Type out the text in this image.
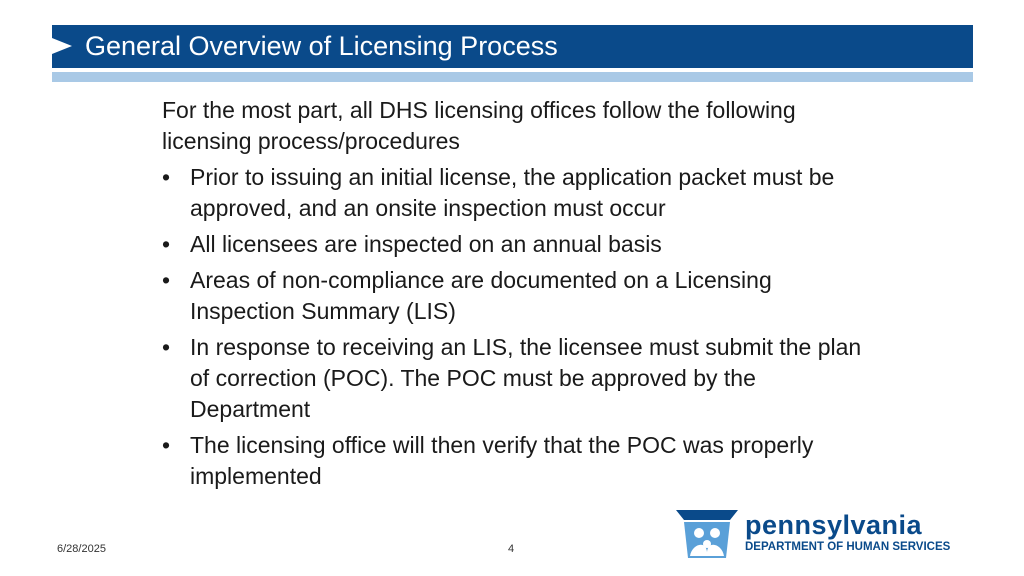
General Overview of Licensing Process

For the most part, all DHS licensing offices follow the following licensing process/procedures

• Prior to issuing an initial license, the application packet must be approved, and an onsite inspection must occur
• All licensees are inspected on an annual basis
• Areas of non-compliance are documented on a Licensing Inspection Summary (LIS)
• In response to receiving an LIS, the licensee must submit the plan of correction (POC). The POC must be approved by the Department
• The licensing office will then verify that the POC was properly implemented
6/28/2025	4
pennsylvania
DEPARTMENT OF HUMAN SERVICES
